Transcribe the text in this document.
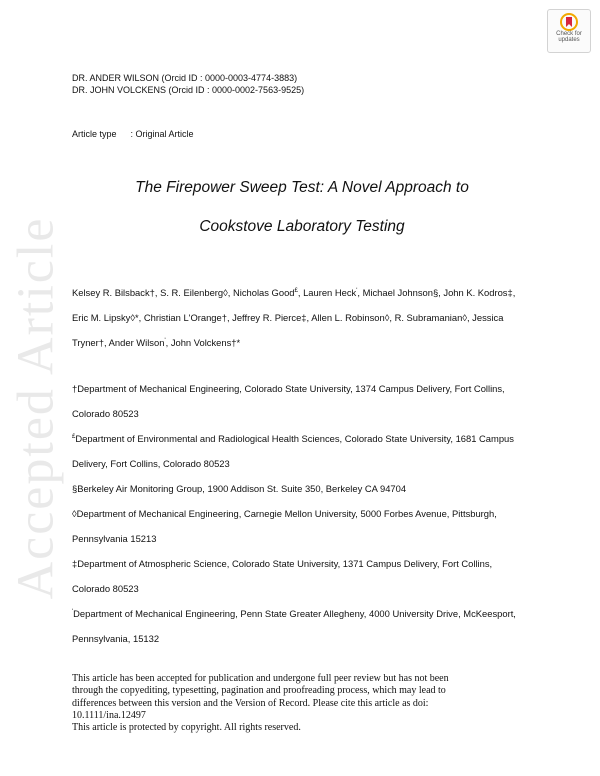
Accepted Article
Check for
updates
DR. ANDER WILSON (Orcid ID : 0000-0003-4774-3883)
DR. JOHN VOLCKENS (Orcid ID : 0000-0002-7563-9525)
Article type : Original Article
The Firepower Sweep Test: A Novel Approach to
Cookstove Laboratory Testing
Kelsey R. Bilsback†, S. R. Eilenberg◊, Nicholas Good£, Lauren Heck$^ʹ$, Michael Johnson§, John K. Kodros‡, Eric M. Lipsky◊*, Christian L'Orange†, Jeffrey R. Pierce‡, Allen L. Robinson◊, R. Subramanian◊, Jessica Tryner†, Ander Wilson$^ʹ$, John Volckens†*
†Department of Mechanical Engineering, Colorado State University, 1374 Campus Delivery, Fort Collins, Colorado 80523
£Department of Environmental and Radiological Health Sciences, Colorado State University, 1681 Campus Delivery, Fort Collins, Colorado 80523
§Berkeley Air Monitoring Group, 1900 Addison St. Suite 350, Berkeley CA 94704
◊Department of Mechanical Engineering, Carnegie Mellon University, 5000 Forbes Avenue, Pittsburgh, Pennsylvania 15213
‡Department of Atmospheric Science, Colorado State University, 1371 Campus Delivery, Fort Collins, Colorado 80523
$^ʹ$Department of Mechanical Engineering, Penn State Greater Allegheny, 4000 University Drive, McKeesport, Pennsylvania, 15132
This article has been accepted for publication and undergone full peer review but has not been
through the copyediting, typesetting, pagination and proofreading process, which may lead to
differences between this version and the Version of Record. Please cite this article as doi:
10.1111/ina.12497
This article is protected by copyright. All rights reserved.
